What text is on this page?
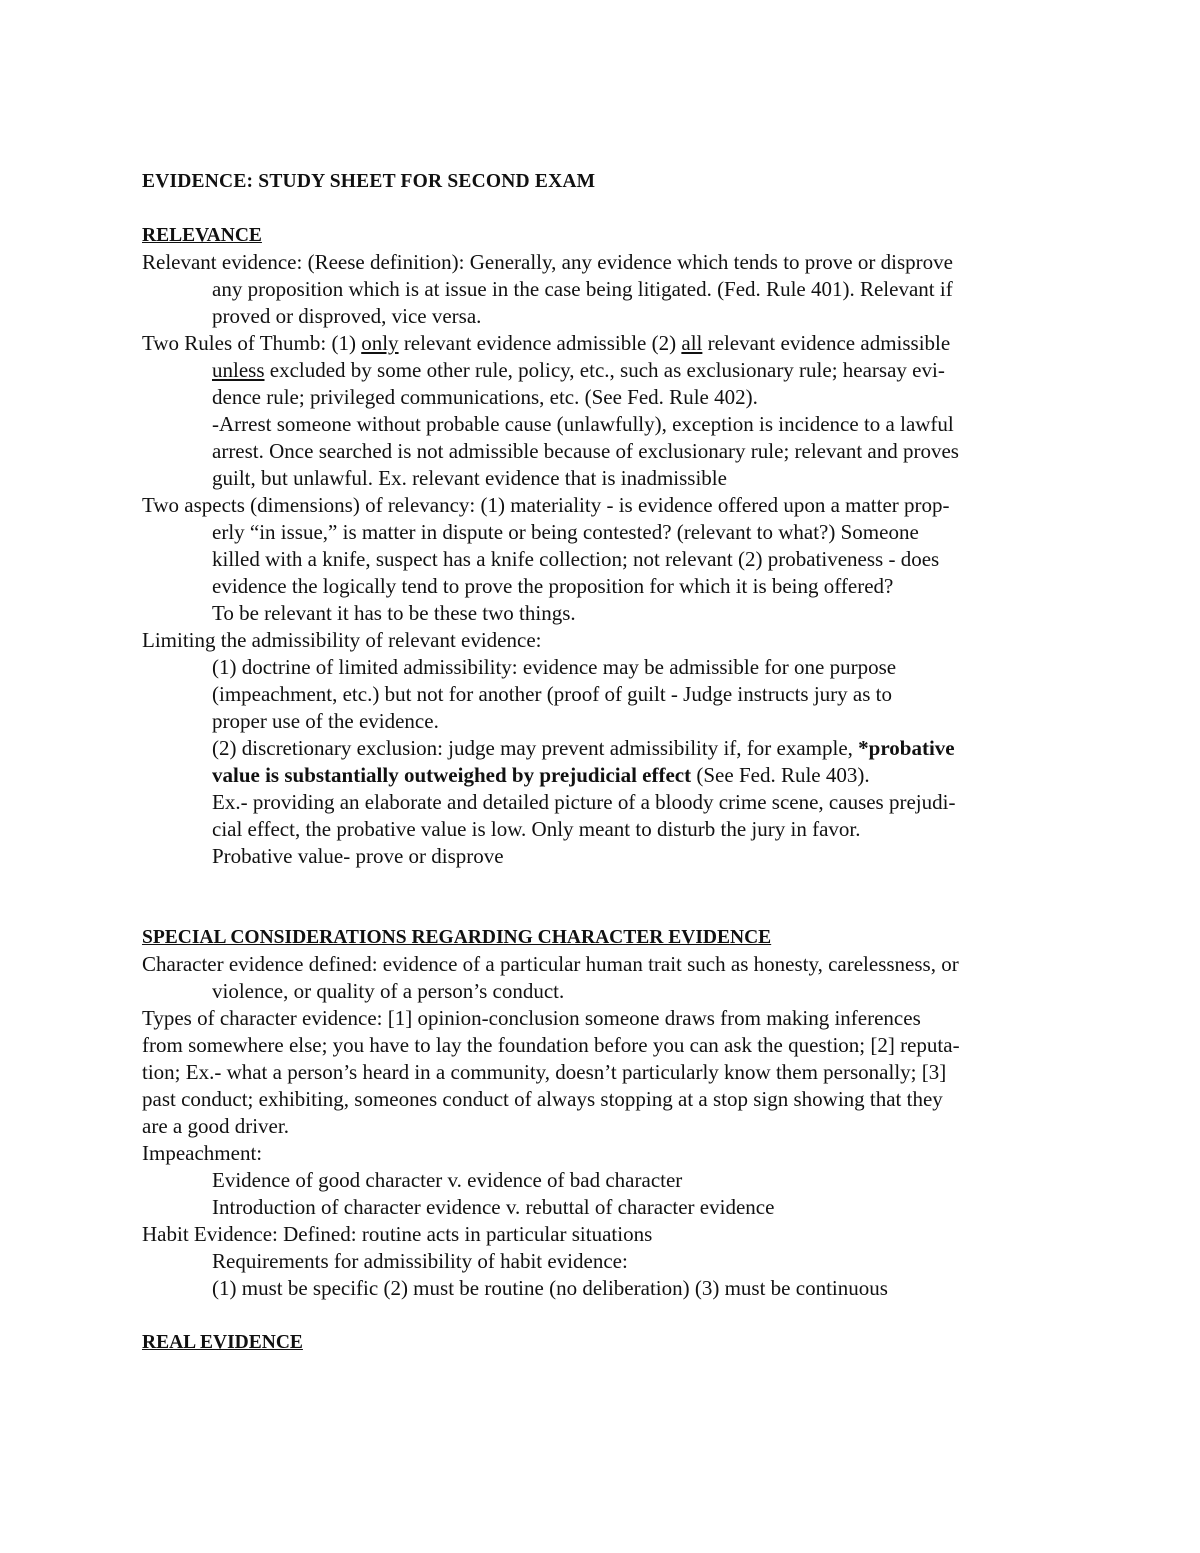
EVIDENCE: STUDY SHEET FOR SECOND EXAM
RELEVANCE
Relevant evidence: (Reese definition): Generally, any evidence which tends to prove or disprove
any proposition which is at issue in the case being litigated. (Fed. Rule 401). Relevant if
proved or disproved, vice versa.
Two Rules of Thumb: (1) only relevant evidence admissible (2) all relevant evidence admissible
unless excluded by some other rule, policy, etc., such as exclusionary rule; hearsay evi-
dence rule; privileged communications, etc. (See Fed. Rule 402).
-Arrest someone without probable cause (unlawfully), exception is incidence to a lawful
arrest. Once searched is not admissible because of exclusionary rule; relevant and proves
guilt, but unlawful. Ex. relevant evidence that is inadmissible
Two aspects (dimensions) of relevancy: (1) materiality - is evidence offered upon a matter prop-
erly “in issue,” is matter in dispute or being contested? (relevant to what?) Someone
killed with a knife, suspect has a knife collection; not relevant (2) probativeness - does
evidence the logically tend to prove the proposition for which it is being offered?
To be relevant it has to be these two things.
Limiting the admissibility of relevant evidence:
(1) doctrine of limited admissibility: evidence may be admissible for one purpose
(impeachment, etc.) but not for another (proof of guilt - Judge instructs jury as to
proper use of the evidence.
(2) discretionary exclusion: judge may prevent admissibility if, for example, *probative
value is substantially outweighed by prejudicial effect (See Fed. Rule 403).
Ex.- providing an elaborate and detailed picture of a bloody crime scene, causes prejudi-
cial effect, the probative value is low. Only meant to disturb the jury in favor.
Probative value- prove or disprove
SPECIAL CONSIDERATIONS REGARDING CHARACTER EVIDENCE
Character evidence defined: evidence of a particular human trait such as honesty, carelessness, or
violence, or quality of a person’s conduct.
Types of character evidence: [1] opinion-conclusion someone draws from making inferences
from somewhere else; you have to lay the foundation before you can ask the question; [2] reputa-
tion; Ex.- what a person’s heard in a community, doesn’t particularly know them personally; [3]
past conduct; exhibiting, someones conduct of always stopping at a stop sign showing that they
are a good driver.
Impeachment:
Evidence of good character v. evidence of bad character
Introduction of character evidence v. rebuttal of character evidence
Habit Evidence: Defined: routine acts in particular situations
Requirements for admissibility of habit evidence:
(1) must be specific (2) must be routine (no deliberation) (3) must be continuous
REAL EVIDENCE
